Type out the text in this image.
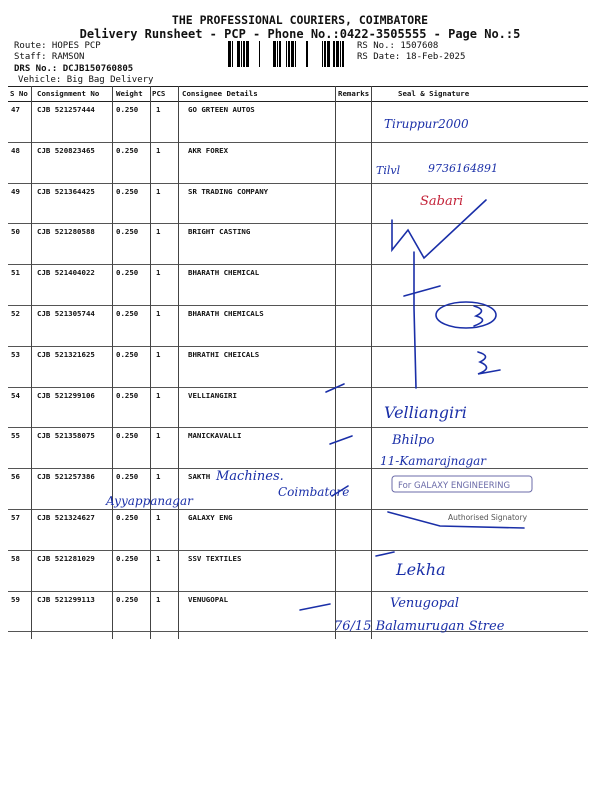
THE PROFESSIONAL COURIERS, COIMBATORE
Delivery Runsheet - PCP - Phone No.:0422-3505555 - Page No.:5
Route: HOPES PCP
Staff: RAMSON
DRS No.: DCJB150760805
Vehicle: Big Bag Delivery
RS No.: 1507608
RS Date: 18-Feb-2025
S No Consignment No Weight PCS Consignee Details	Remarks	Seal & Signature
47 CJB 521257444	0.250 1	GO GRTEEN AUTOS
48 CJB 520823465	0.250 1	AKR FOREX
49 CJB 521364425	0.250 1	SR TRADING COMPANY
50 CJB 521280588	0.250 1	BRIGHT CASTING
51 CJB 521404022	0.250 1	BHARATH CHEMICAL
52 CJB 521305744	0.250 1	BHARATH CHEMICALS
53 CJB 521321625	0.250 1	BHRATHI CHEICALS
54 CJB 521299106	0.250 1	VELLIANGIRI
55 CJB 521358075	0.250 1	MANICKAVALLI
56 CJB 521257386	0.250 1	SAKTH
57 CJB 521324627	0.250 1	GALAXY ENG
58 CJB 521281029	0.250 1	SSV TEXTILES
59 CJB 521299113	0.250 1	VENUGOPAL
Tiruppur2000
Tilvl	9736164891
Sabari
Velliangiri
Bhilpo
11-Kamarajnagar
Machines.
Ayyappanagar
Coimbatore
Lekha
Venugopal
76/15 Balamurugan Stree
For GALAXY ENGINEERING
Authorised Signatory
